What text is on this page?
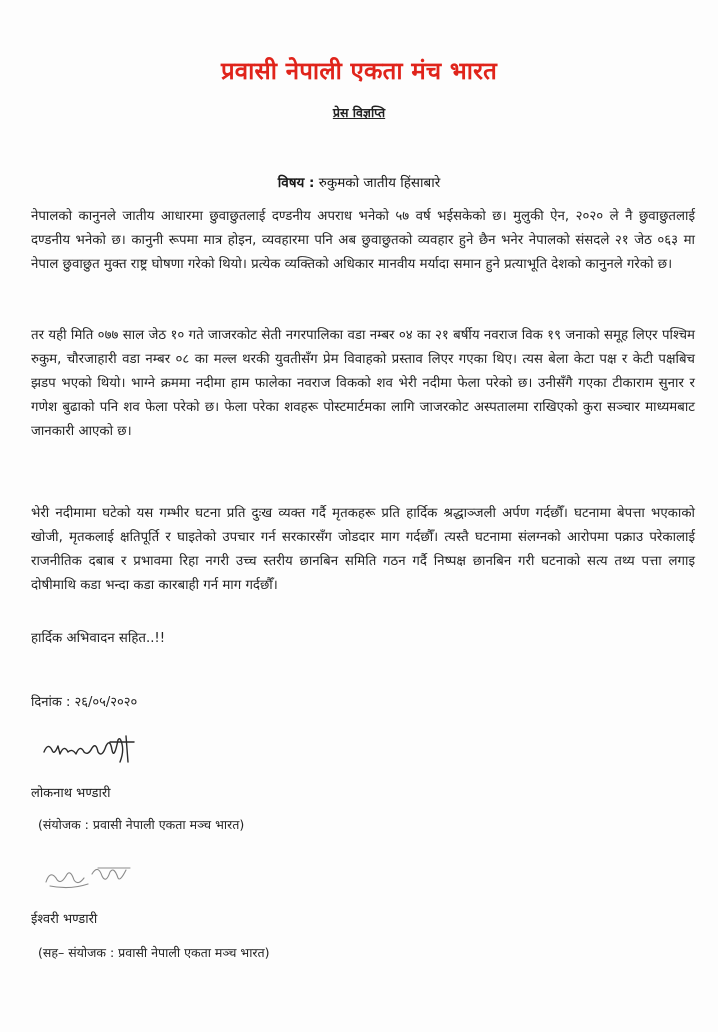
प्रवासी नेपाली एकता मंच भारत
प्रेस विज्ञप्ति
विषय : रुकुमको जातीय हिंसाबारे

नेपालको कानुनले जातीय आधारमा छुवाछुतलाई दण्डनीय अपराध भनेको ५७ वर्ष भईसकेको छ। मुलुकी ऐन, २०२० ले नै छुवाछुतलाई दण्डनीय भनेको छ। कानुनी रूपमा मात्र होइन, व्यवहारमा पनि अब छुवाछुतको व्यवहार हुने छैन भनेर नेपालको संसदले २१ जेठ ०६३ मा नेपाल छुवाछुत मुक्त राष्ट्र घोषणा गरेको थियो। प्रत्येक व्यक्तिको अधिकार मानवीय मर्यादा समान हुने प्रत्याभूति देशको कानुनले गरेको छ।

तर यही मिति ०७७ साल जेठ १० गते जाजरकोट सेती नगरपालिका वडा नम्बर ०४ का २१ बर्षीय नवराज विक १९ जनाको समूह लिएर पश्चिम रुकुम, चौरजाहारी वडा नम्बर ०८ का मल्ल थरकी युवतीसँग प्रेम विवाहको प्रस्ताव लिएर गएका थिए। त्यस बेला केटा पक्ष र केटी पक्षबिच झडप भएको थियो। भाग्ने क्रममा नदीमा हाम फालेका नवराज विकको शव भेरी नदीमा फेला परेको छ। उनीसँगै गएका टीकाराम सुनार र गणेश बुढाको पनि शव फेला परेको छ। फेला परेका शवहरू पोस्टमार्टमका लागि जाजरकोट अस्पतालमा राखिएको कुरा सञ्चार माध्यमबाट जानकारी आएको छ।

भेरी नदीमामा घटेको यस गम्भीर घटना प्रति दुःख व्यक्त गर्दै मृतकहरू प्रति हार्दिक श्रद्धाञ्जली अर्पण गर्दछौँ। घटनामा बेपत्ता भएकाको खोजी, मृतकलाई क्षतिपूर्ति र घाइतेको उपचार गर्न सरकारसँग जोडदार माग गर्दछौँ। त्यस्तै घटनामा संलग्नको आरोपमा पक्राउ परेकालाई राजनीतिक दबाब र प्रभावमा रिहा नगरी उच्च स्तरीय छानबिन समिति गठन गर्दै निष्पक्ष छानबिन गरी घटनाको सत्य तथ्य पत्ता लगाइ दोषीमाथि कडा भन्दा कडा कारबाही गर्न माग गर्दछौँ।

हार्दिक अभिवादन सहित..!!

दिनांक : २६/०५/२०२०
लोकनाथ भण्डारी
(संयोजक : प्रवासी नेपाली एकता मञ्च भारत)
ईश्वरी भण्डारी
(सह– संयोजक : प्रवासी नेपाली एकता मञ्च भारत)
